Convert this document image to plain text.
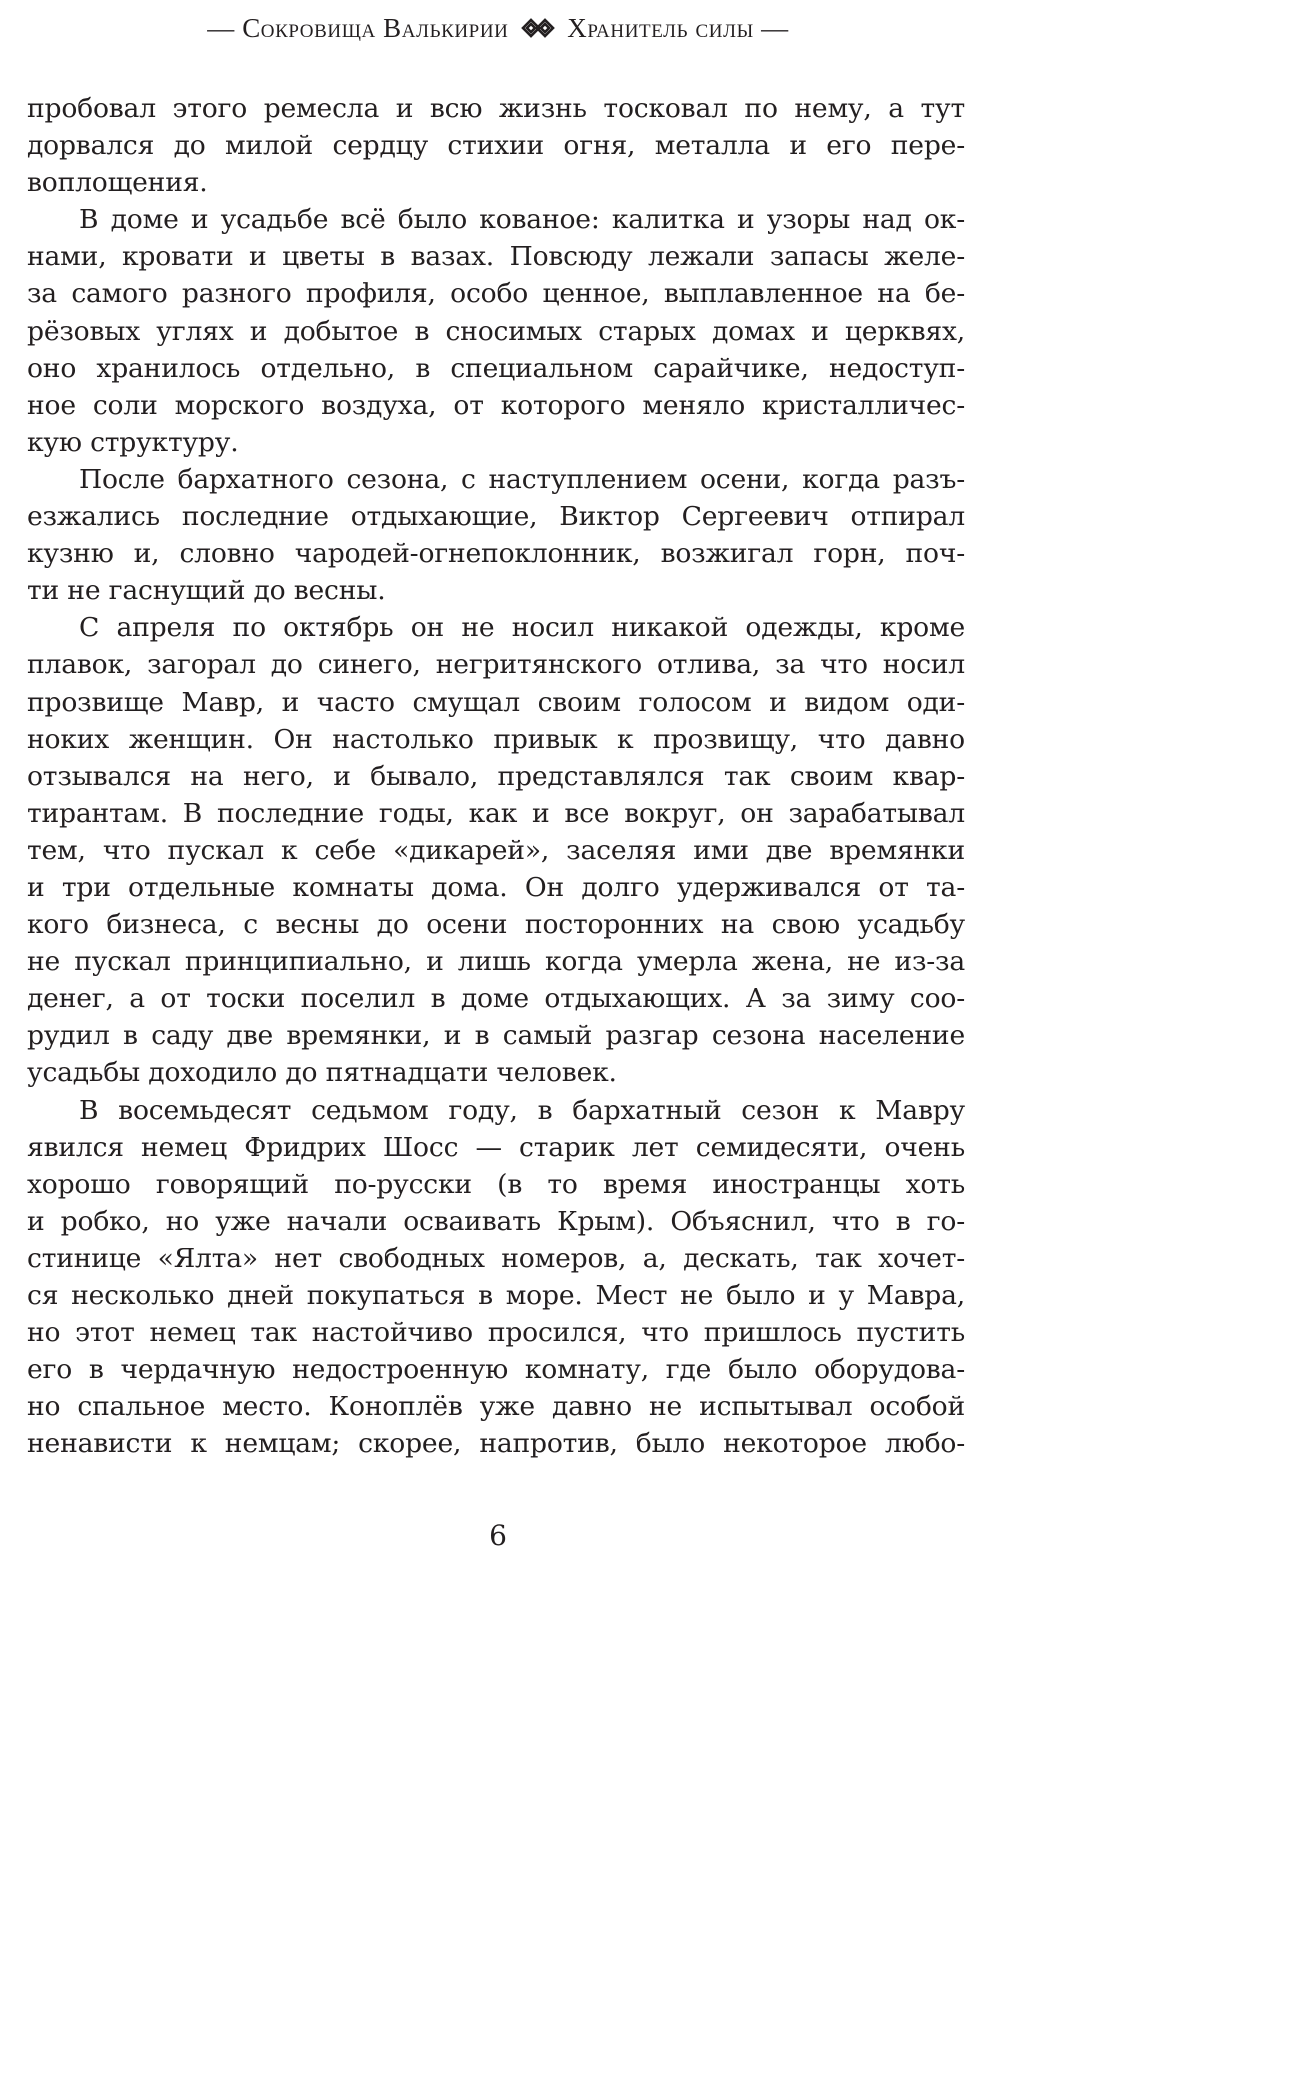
— Сокровища Валькирии Хранитель силы —
пробовал этого ремесла и всю жизнь тосковал по нему, а тут
дорвался до милой сердцу стихии огня, металла и его пере-
воплощения.
В доме и усадьбе всё было кованое: калитка и узоры над ок-
нами, кровати и цветы в вазах. Повсюду лежали запасы желе-
за самого разного профиля, особо ценное, выплавленное на бе-
рёзовых углях и добытое в сносимых старых домах и церквях,
оно хранилось отдельно, в специальном сарайчике, недоступ-
ное соли морского воздуха, от которого меняло кристалличес-
кую структуру.
После бархатного сезона, с наступлением осени, когда разъ-
езжались последние отдыхающие, Виктор Сергеевич отпирал
кузню и, словно чародей-огнепоклонник, возжигал горн, поч-
ти не гаснущий до весны.
С апреля по октябрь он не носил никакой одежды, кроме
плавок, загорал до синего, негритянского отлива, за что носил
прозвище Мавр, и часто смущал своим голосом и видом оди-
ноких женщин. Он настолько привык к прозвищу, что давно
отзывался на него, и бывало, представлялся так своим квар-
тирантам. В последние годы, как и все вокруг, он зарабатывал
тем, что пускал к себе «дикарей», заселяя ими две времянки
и три отдельные комнаты дома. Он долго удерживался от та-
кого бизнеса, с весны до осени посторонних на свою усадьбу
не пускал принципиально, и лишь когда умерла жена, не из-за
денег, а от тоски поселил в доме отдыхающих. А за зиму соо-
рудил в саду две времянки, и в самый разгар сезона население
усадьбы доходило до пятнадцати человек.
В восемьдесят седьмом году, в бархатный сезон к Мавру
явился немец Фридрих Шосс — старик лет семидесяти, очень
хорошо говорящий по-русски (в то время иностранцы хоть
и робко, но уже начали осваивать Крым). Объяснил, что в го-
стинице «Ялта» нет свободных номеров, а, дескать, так хочет-
ся несколько дней покупаться в море. Мест не было и у Мавра,
но этот немец так настойчиво просился, что пришлось пустить
его в чердачную недостроенную комнату, где было оборудова-
но спальное место. Коноплёв уже давно не испытывал особой
ненависти к немцам; скорее, напротив, было некоторое любо-
6
